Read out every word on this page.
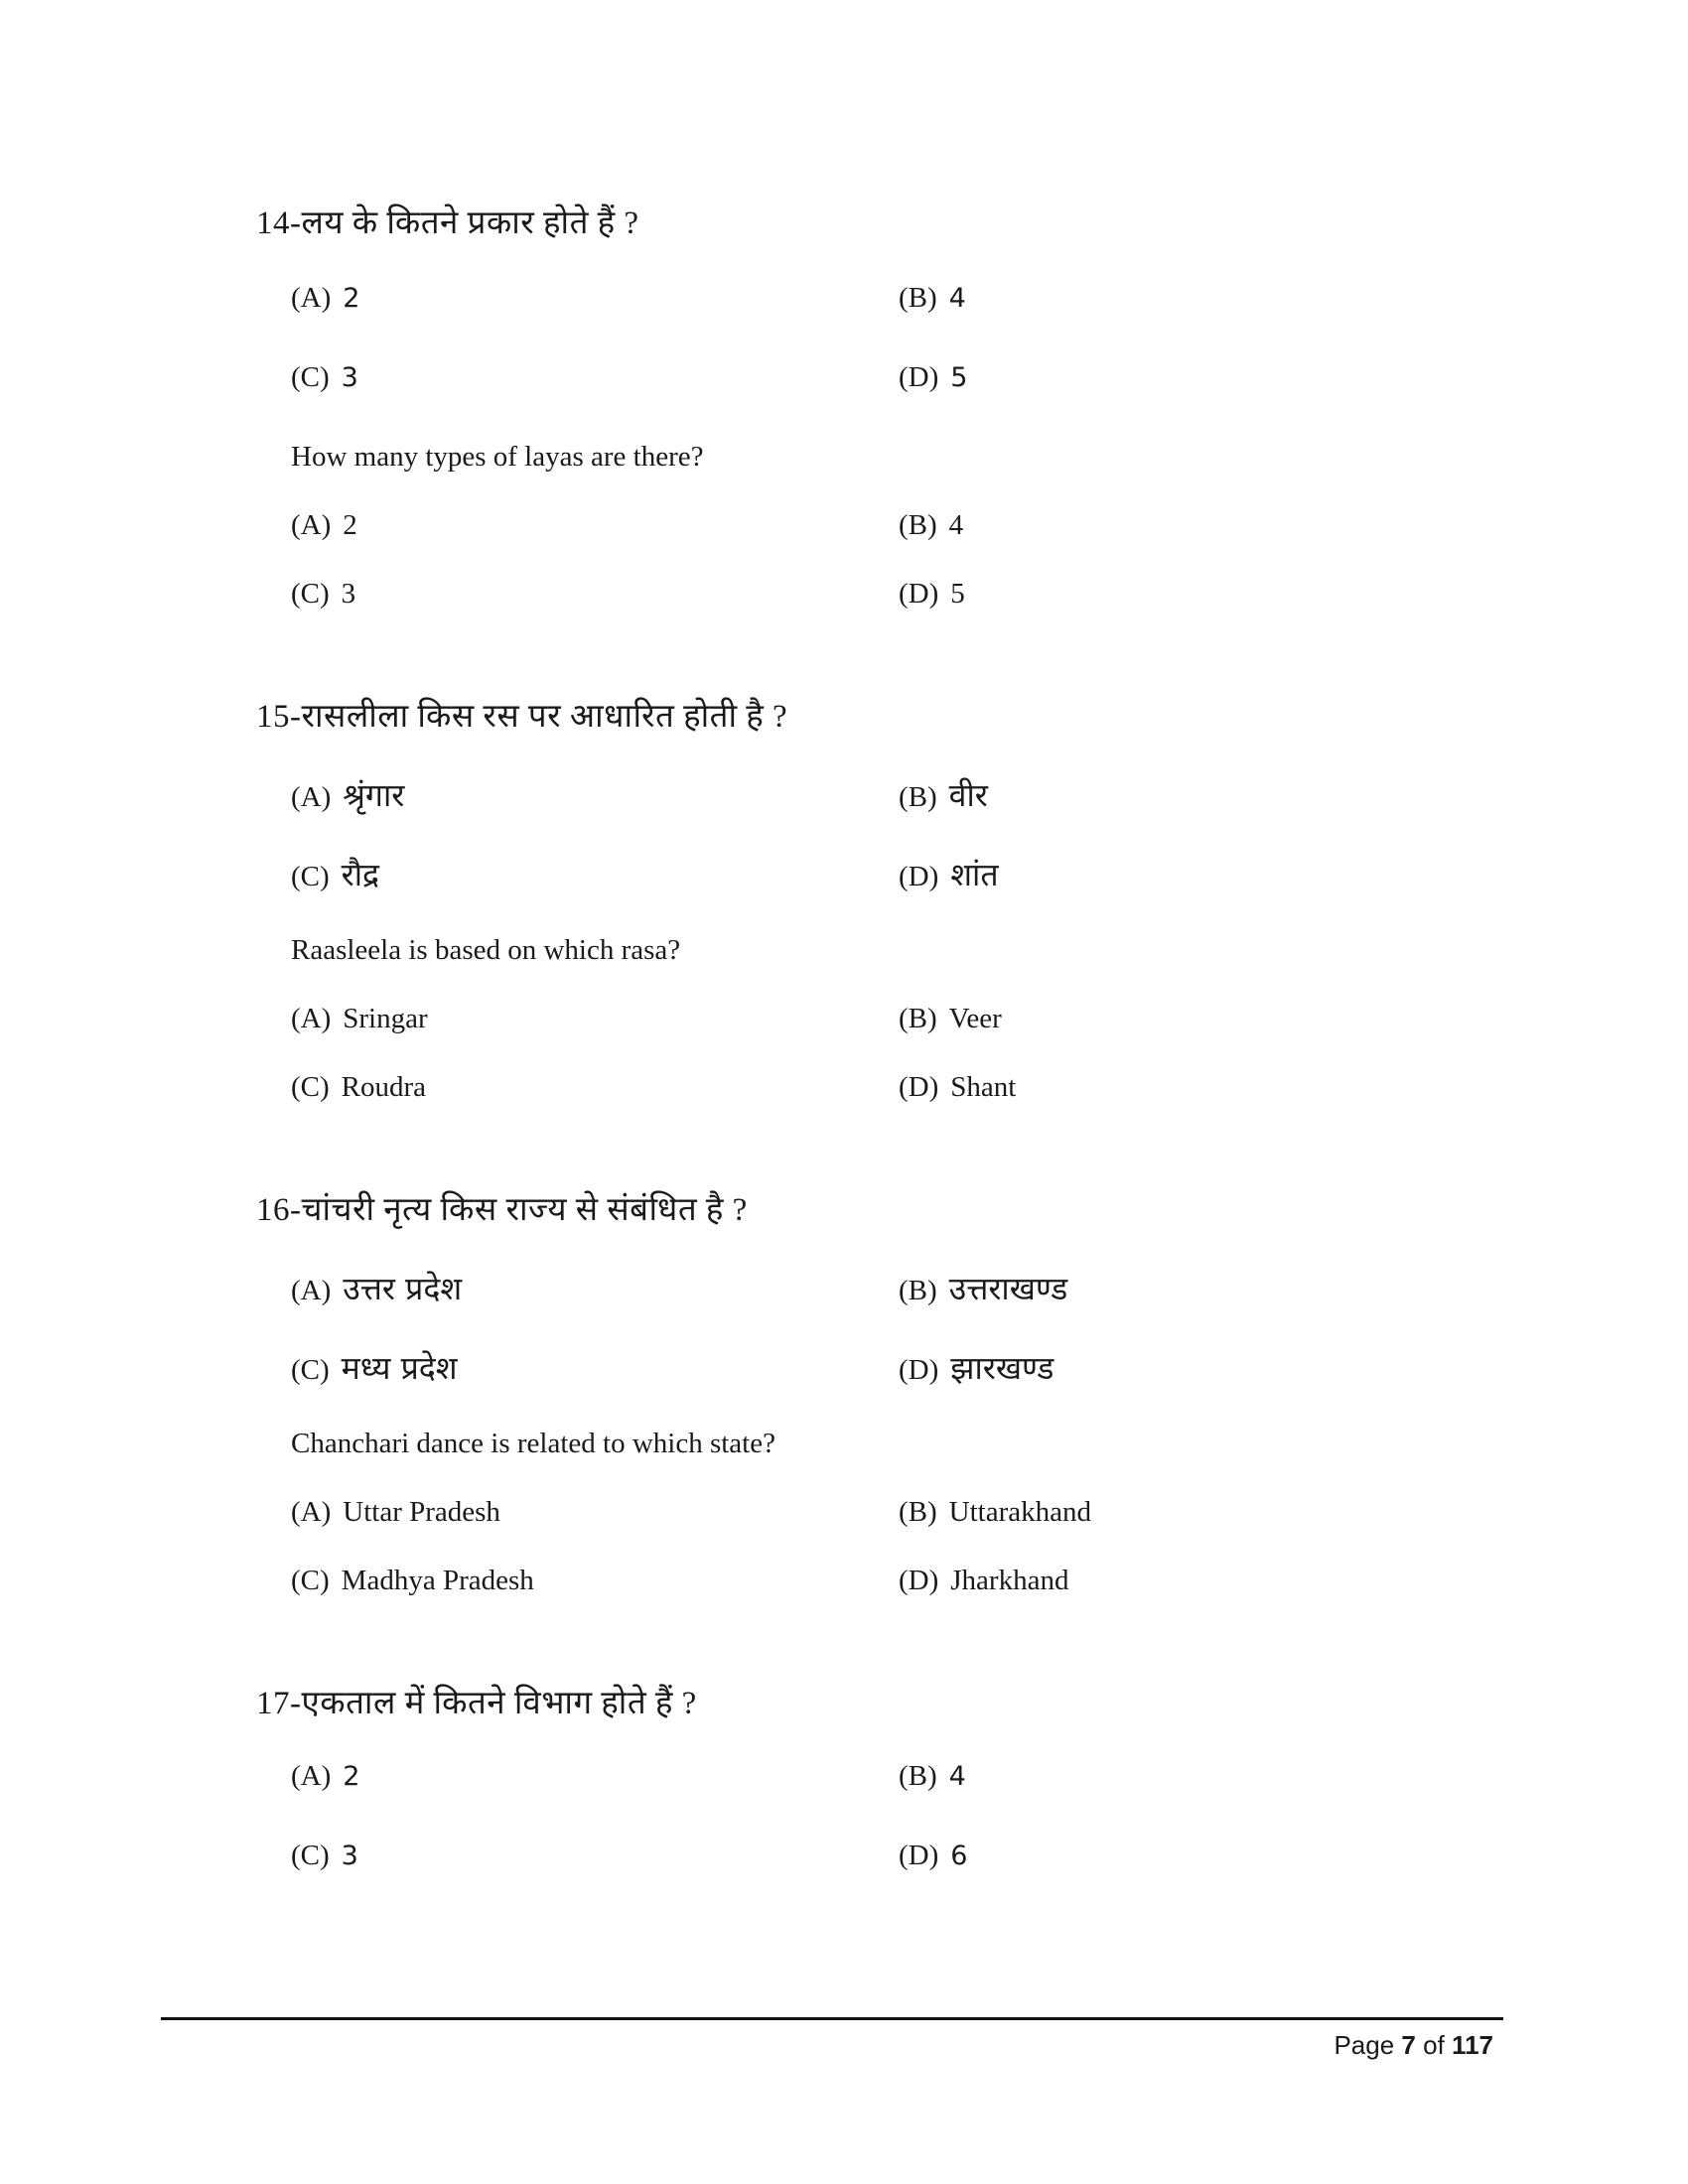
14-लय के कितने प्रकार होते हैं ?
(A) 2	(B) 4
(C) 3	(D) 5
How many types of layas are there?
(A) 2	(B) 4
(C) 3	(D) 5
15-रासलीला किस रस पर आधारित होती है ?
(A) श्रृंगार	(B) वीर
(C) रौद्र	(D) शांत
Raasleela is based on which rasa?
(A) Sringar	(B) Veer
(C) Roudra	(D) Shant
16-चांचरी नृत्य किस राज्य से संबंधित है ?
(A) उत्तर प्रदेश	(B) उत्तराखण्ड
(C) मध्य प्रदेश	(D) झारखण्ड
Chanchari dance is related to which state?
(A) Uttar Pradesh	(B) Uttarakhand
(C) Madhya Pradesh	(D) Jharkhand
17-एकताल में कितने विभाग होते हैं ?
(A) 2	(B) 4
(C) 3	(D) 6
Page 7 of 117
